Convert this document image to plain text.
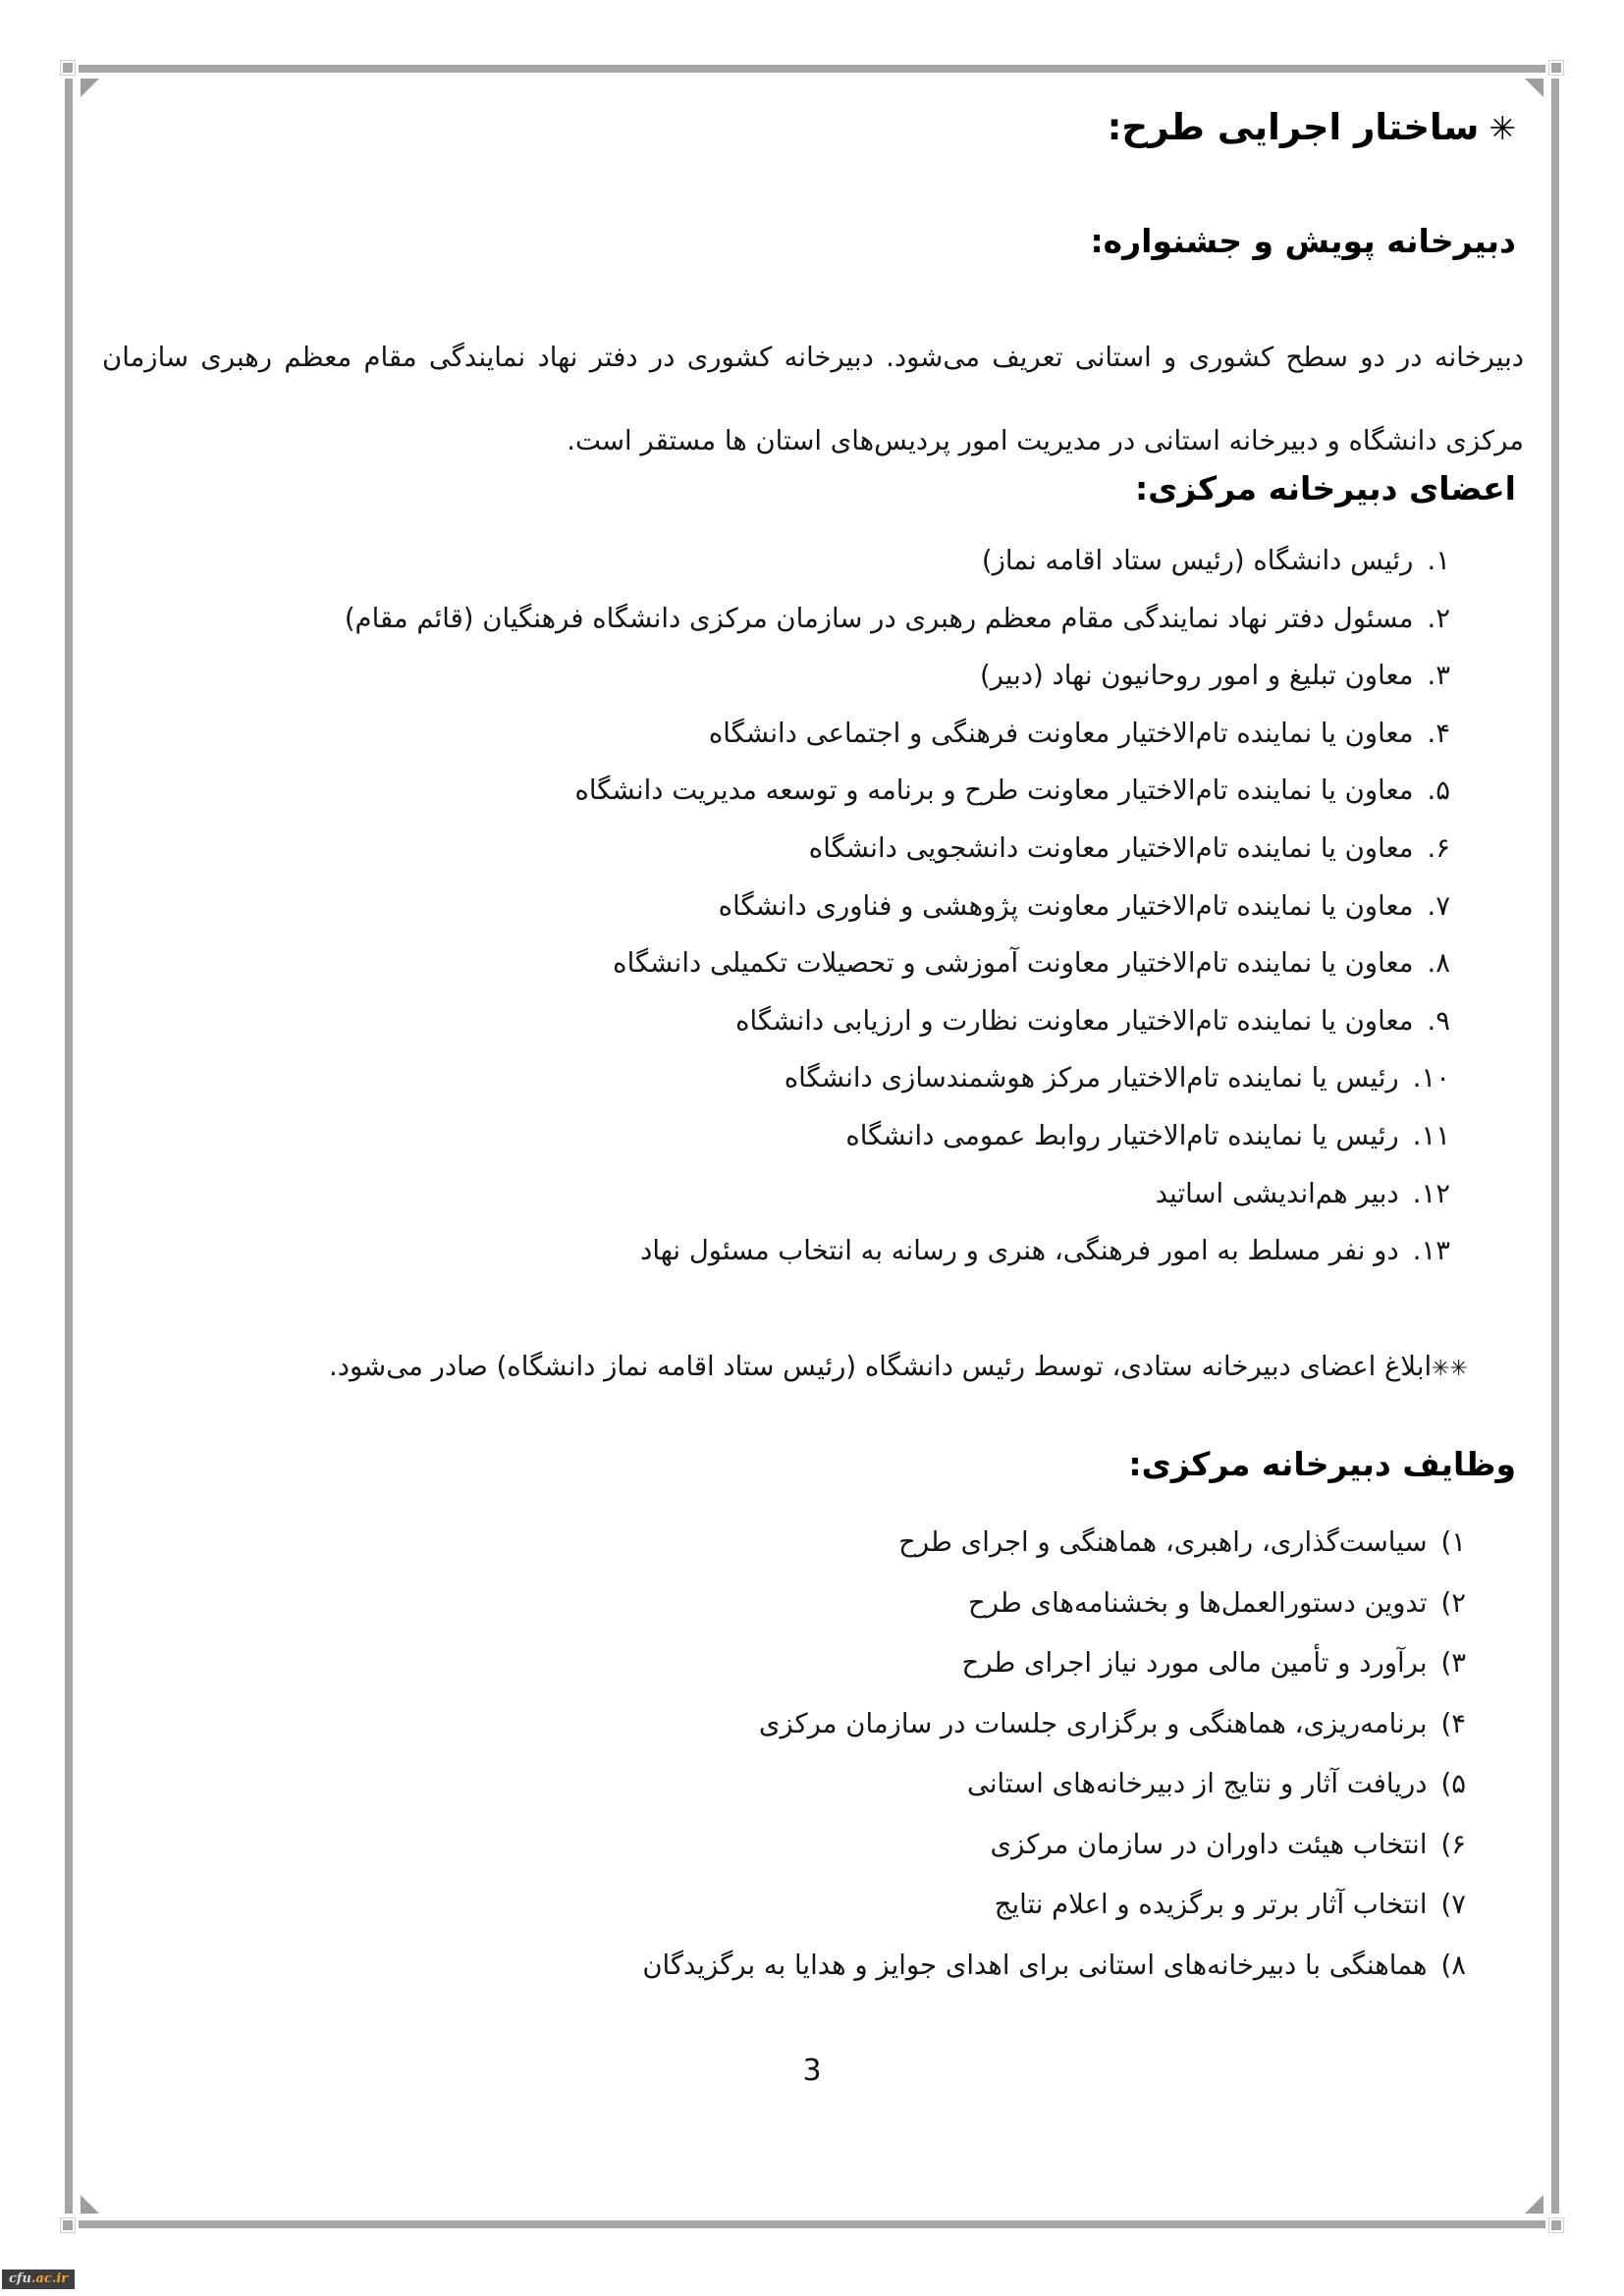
✳ساختار اجرایی طرح:
دبیرخانه پویش و جشنواره:

دبیرخانه در دو سطح کشوری و استانی تعریف می‌شود. دبیرخانه کشوری در دفتر نهاد نمایندگی مقام معظم رهبری سازمان مرکزی دانشگاه و دبیرخانه استانی در مدیریت امور پردیس‌های استان ها مستقر است.

اعضای دبیرخانه مرکزی:
۱.رئیس دانشگاه (رئیس ستاد اقامه نماز)
۲.مسئول دفتر نهاد نمایندگی مقام معظم رهبری در سازمان مرکزی دانشگاه فرهنگیان (قائم مقام)
۳.معاون تبلیغ و امور روحانیون نهاد (دبیر)
۴.معاون یا نماینده تام‌الاختیار معاونت فرهنگی و اجتماعی دانشگاه
۵.معاون یا نماینده تام‌الاختیار معاونت طرح و برنامه و توسعه مدیریت دانشگاه
۶.معاون یا نماینده تام‌الاختیار معاونت دانشجویی دانشگاه
۷.معاون یا نماینده تام‌الاختیار معاونت پژوهشی و فناوری دانشگاه
۸.معاون یا نماینده تام‌الاختیار معاونت آموزشی و تحصیلات تکمیلی دانشگاه
۹.معاون یا نماینده تام‌الاختیار معاونت نظارت و ارزیابی دانشگاه
۱۰.رئیس یا نماینده تام‌الاختیار مرکز هوشمندسازی دانشگاه
۱۱.رئیس یا نماینده تام‌الاختیار روابط عمومی دانشگاه
۱۲.دبیر هم‌اندیشی اساتید
۱۳.دو نفر مسلط به امور فرهنگی، هنری و رسانه به انتخاب مسئول نهاد
✳✳ابلاغ اعضای دبیرخانه ستادی، توسط رئیس دانشگاه (رئیس ستاد اقامه نماز دانشگاه) صادر می‌شود.
وظایف دبیرخانه مرکزی:
۱)سیاست‌گذاری، راهبری، هماهنگی و اجرای طرح
۲)تدوین دستورالعمل‌ها و بخشنامه‌های طرح
۳)برآورد و تأمین مالی مورد نیاز اجرای طرح
۴)برنامه‌ریزی، هماهنگی و برگزاری جلسات در سازمان مرکزی
۵)دریافت آثار و نتایج از دبیرخانه‌های استانی
۶)انتخاب هیئت داوران در سازمان مرکزی
۷)انتخاب آثار برتر و برگزیده و اعلام نتایج
۸)هماهنگی با دبیرخانه‌های استانی برای اهدای جوایز و هدایا به برگزیدگان
3
cfu.ac.ir
